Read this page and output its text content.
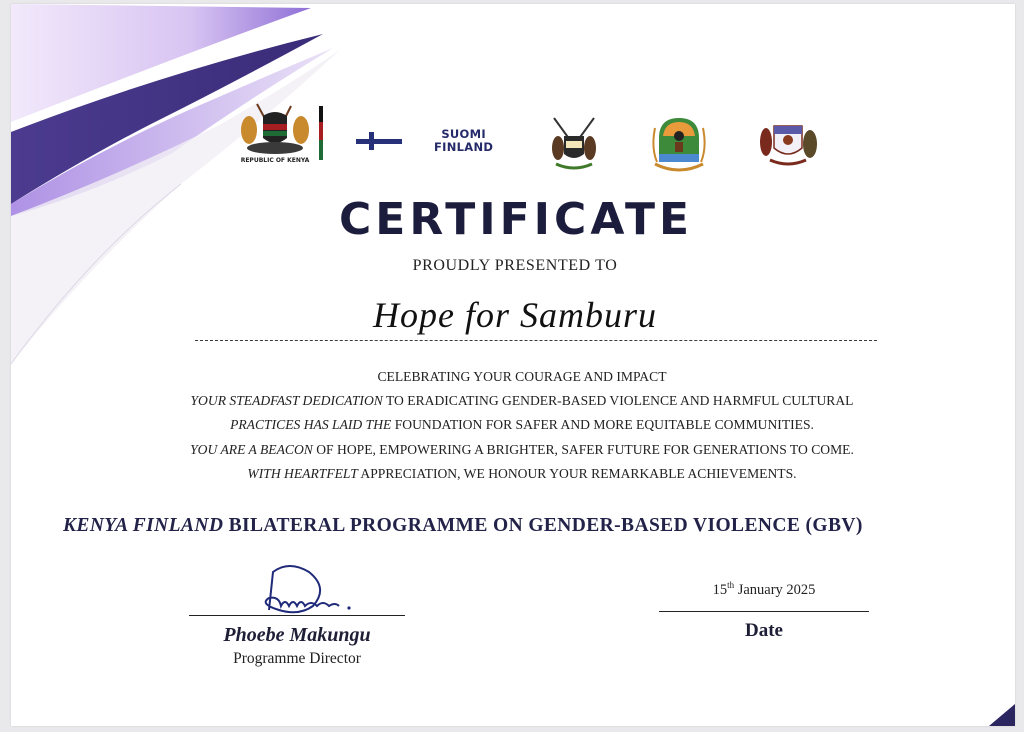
REPUBLIC OF KENYA
SUOMI
FINLAND
CERTIFICATE
PROUDLY PRESENTED TO
Hope for Samburu
CELEBRATING YOUR COURAGE AND IMPACT
YOUR STEADFAST DEDICATION TO ERADICATING GENDER-BASED VIOLENCE AND HARMFUL CULTURAL
PRACTICES HAS LAID THE FOUNDATION FOR SAFER AND MORE EQUITABLE COMMUNITIES.
YOU ARE A BEACON OF HOPE, EMPOWERING A BRIGHTER, SAFER FUTURE FOR GENERATIONS TO COME.
WITH HEARTFELT APPRECIATION, WE HONOUR YOUR REMARKABLE ACHIEVEMENTS.
KENYA FINLAND BILATERAL PROGRAMME ON GENDER-BASED VIOLENCE (GBV)
Phoebe Makungu
Programme Director
15th January 2025
Date
